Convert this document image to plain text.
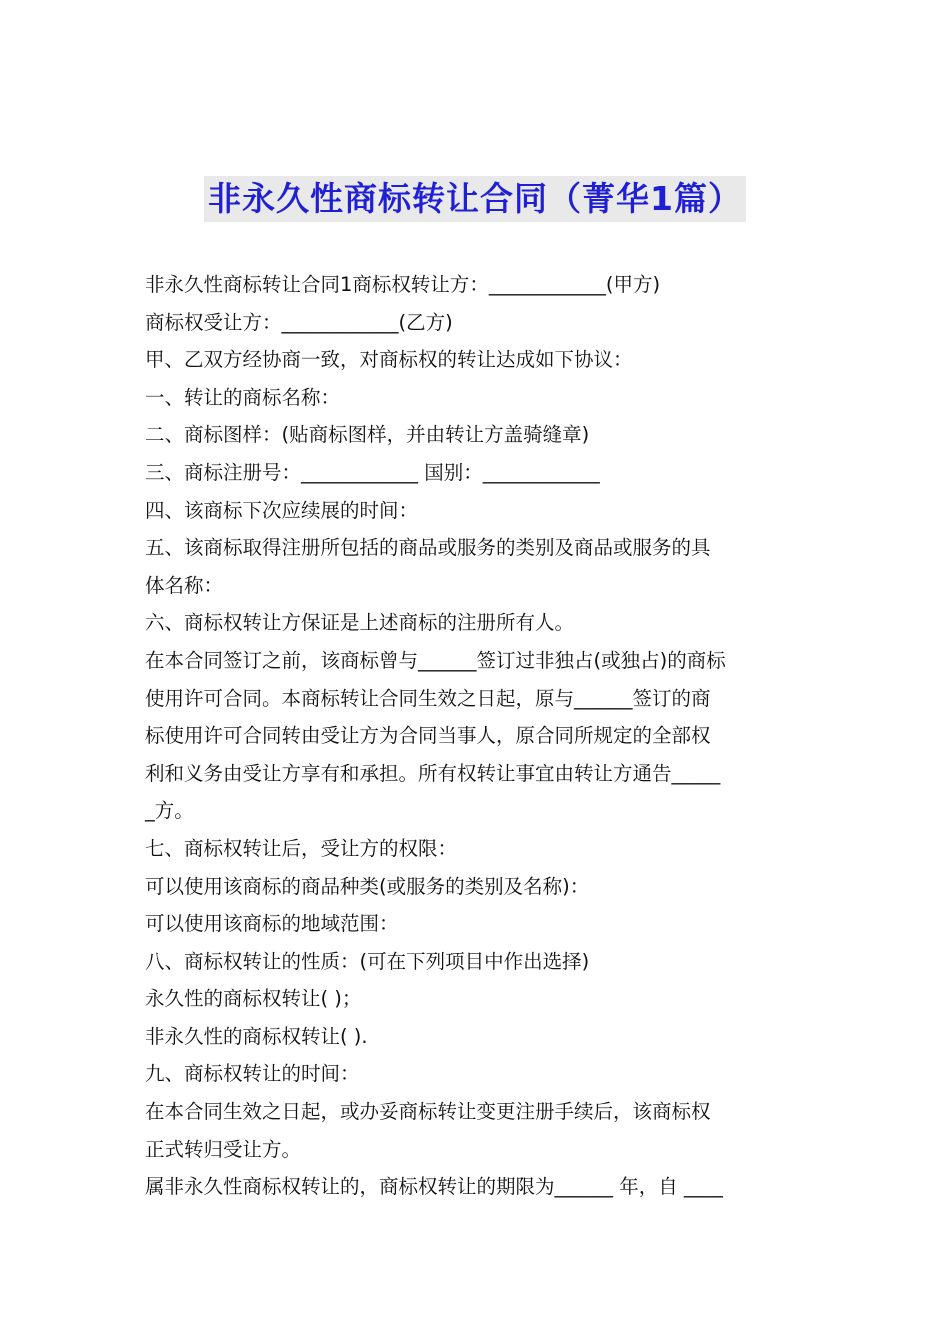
非永久性商标转让合同（菁华1篇）

非永久性商标转让合同1商标权转让方：____________(甲方)

商标权受让方：____________(乙方)

甲、乙双方经协商一致，对商标权的转让达成如下协议：

一、转让的商标名称：

二、商标图样：(贴商标图样，并由转让方盖骑缝章)

三、商标注册号：____________ 国别：____________

四、该商标下次应续展的时间：

五、该商标取得注册所包括的商品或服务的类别及商品或服务的具

体名称：

六、商标权转让方保证是上述商标的注册所有人。

在本合同签订之前，该商标曾与______签订过非独占(或独占)的商标

使用许可合同。本商标转让合同生效之日起，原与______签订的商

标使用许可合同转由受让方为合同当事人，原合同所规定的全部权

利和义务由受让方享有和承担。所有权转让事宜由转让方通告_____

_方。

七、商标权转让后，受让方的权限：

可以使用该商标的商品种类(或服务的类别及名称)：

可以使用该商标的地域范围：

八、商标权转让的性质：(可在下列项目中作出选择)

永久性的商标权转让( )；

非永久性的商标权转让( ).

九、商标权转让的时间：

在本合同生效之日起，或办妥商标转让变更注册手续后，该商标权

正式转归受让方。

属非永久性商标权转让的，商标权转让的期限为______ 年，自 ____
